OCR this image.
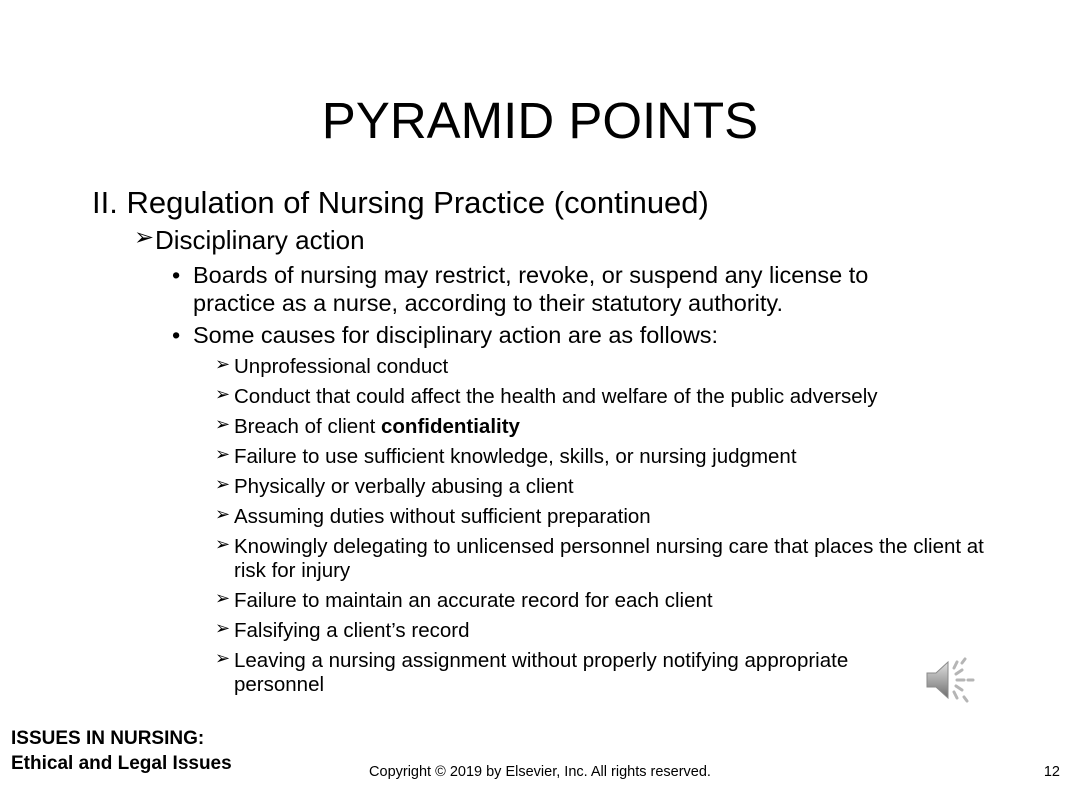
PYRAMID POINTS
II. Regulation of Nursing Practice (continued)
➢ Disciplinary action
• Boards of nursing may restrict, revoke, or suspend any license to practice as a nurse, according to their statutory authority.
• Some causes for disciplinary action are as follows:
➢ Unprofessional conduct
➢ Conduct that could affect the health and welfare of the public adversely
➢ Breach of client confidentiality
➢ Failure to use sufficient knowledge, skills, or nursing judgment
➢ Physically or verbally abusing a client
➢ Assuming duties without sufficient preparation
➢ Knowingly delegating to unlicensed personnel nursing care that places the client at risk for injury
➢ Failure to maintain an accurate record for each client
➢ Falsifying a client’s record
➢ Leaving a nursing assignment without properly notifying appropriate personnel
ISSUES IN NURSING:
Ethical and Legal Issues	Copyright © 2019 by Elsevier, Inc. All rights reserved.	12
